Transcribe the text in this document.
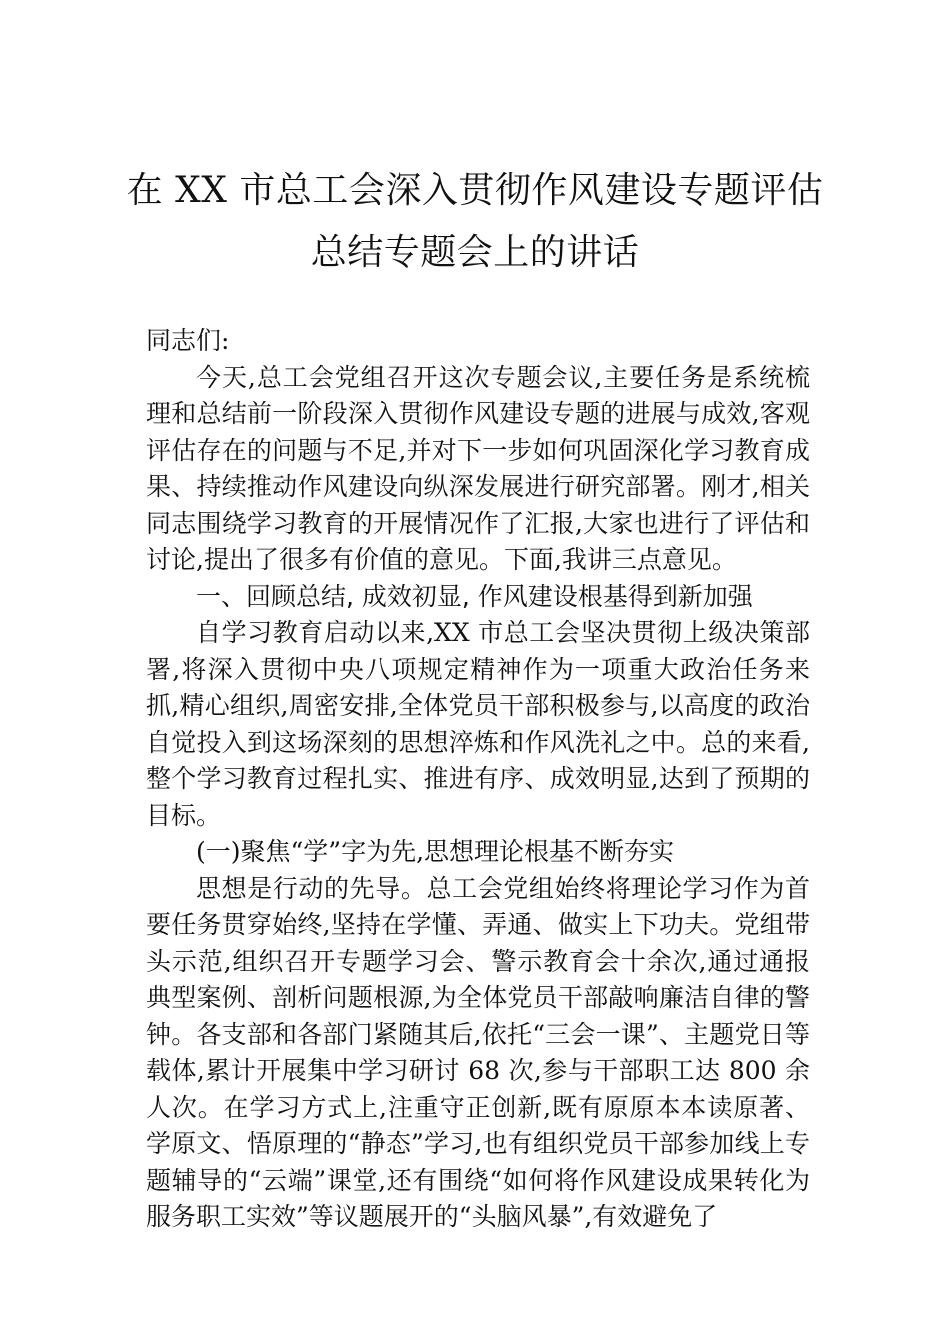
在 XX 市总工会深入贯彻作风建设专题评估
总结专题会上的讲话

同志们:

今天,总工会党组召开这次专题会议,主要任务是系统梳理和总结前一阶段深入贯彻作风建设专题的进展与成效,客观评估存在的问题与不足,并对下一步如何巩固深化学习教育成果、持续推动作风建设向纵深发展进行研究部署。刚才,相关同志围绕学习教育的开展情况作了汇报,大家也进行了评估和讨论,提出了很多有价值的意见。下面,我讲三点意见。

一、回顾总结, 成效初显, 作风建设根基得到新加强

自学习教育启动以来,XX 市总工会坚决贯彻上级决策部署,将深入贯彻中央八项规定精神作为一项重大政治任务来抓,精心组织,周密安排,全体党员干部积极参与,以高度的政治自觉投入到这场深刻的思想淬炼和作风洗礼之中。总的来看,整个学习教育过程扎实、推进有序、成效明显,达到了预期的目标。

(一)聚焦“学”字为先,思想理论根基不断夯实

思想是行动的先导。总工会党组始终将理论学习作为首要任务贯穿始终,坚持在学懂、弄通、做实上下功夫。党组带头示范,组织召开专题学习会、警示教育会十余次,通过通报典型案例、剖析问题根源,为全体党员干部敲响廉洁自律的警钟。各支部和各部门紧随其后,依托“三会一课”、主题党日等载体,累计开展集中学习研讨 68 次,参与干部职工达 800 余人次。在学习方式上,注重守正创新,既有原原本本读原著、学原文、悟原理的“静态”学习,也有组织党员干部参加线上专题辅导的“云端”课堂,还有围绕“如何将作风建设成果转化为服务职工实效”等议题展开的“头脑风暴”,有效避免了
